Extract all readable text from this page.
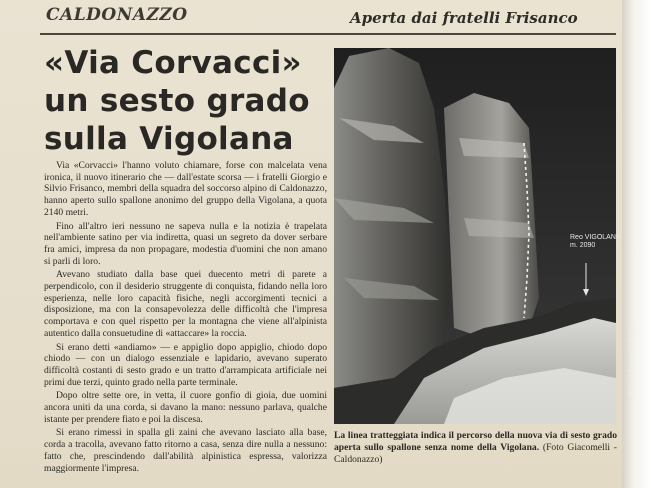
CALDONAZZO	Aperta dai fratelli Frisanco
«Via Corvacci»
un sesto grado
sulla Vigolana

Via «Corvacci» l'hanno voluto chiamare, forse con malcelata vena ironica, il nuovo itinerario che — dall'estate scorsa — i fratelli Giorgio e Silvio Frisanco, membri della squadra del soccorso alpino di Caldonazzo, hanno aperto sullo spallone anonimo del gruppo della Vigolana, a quota 2140 metri.

Fino all'altro ieri nessuno ne sapeva nulla e la notizia è trapelata nell'ambiente satino per via indiretta, quasi un segreto da dover serbare fra amici, impresa da non propagare, modestia d'uomini che non amano si parli di loro.

Avevano studiato dalla base quei duecento metri di parete a perpendicolo, con il desiderio struggente di conquista, fidando nella loro esperienza, nelle loro capacità fisiche, negli accorgimenti tecnici a disposizione, ma con la consapevolezza delle difficoltà che l'impresa comportava e con quel rispetto per la montagna che viene all'alpinista autentico dalla consuetudine di «attaccare» la roccia.

Si erano detti «andiamo» — e appiglio dopo appiglio, chiodo dopo chiodo — con un dialogo essenziale e lapidario, avevano superato difficoltà costanti di sesto grado e un tratto d'arrampicata artificiale nei primi due terzi, quinto grado nella parte terminale.

Dopo oltre sette ore, in vetta, il cuore gonfio di gioia, due uomini ancora uniti da una corda, si davano la mano: nessuno parlava, qualche istante per prendere fiato e poi la discesa.

Si erano rimessi in spalla gli zaini che avevano lasciato alla base, corda a tracolla, avevano fatto ritorno a casa, senza dire nulla a nessuno: fatto che, prescindendo dall'abilità alpinistica espressa, valorizza maggiormente l'impresa.

Reo VIGOLANA
m. 2090
La linea tratteggiata indica il percorso della nuova via di sesto grado aperta sullo spallone senza nome della Vigolana. (Foto Giacomelli - Caldonazzo)
Foto Martinelli Tullio
